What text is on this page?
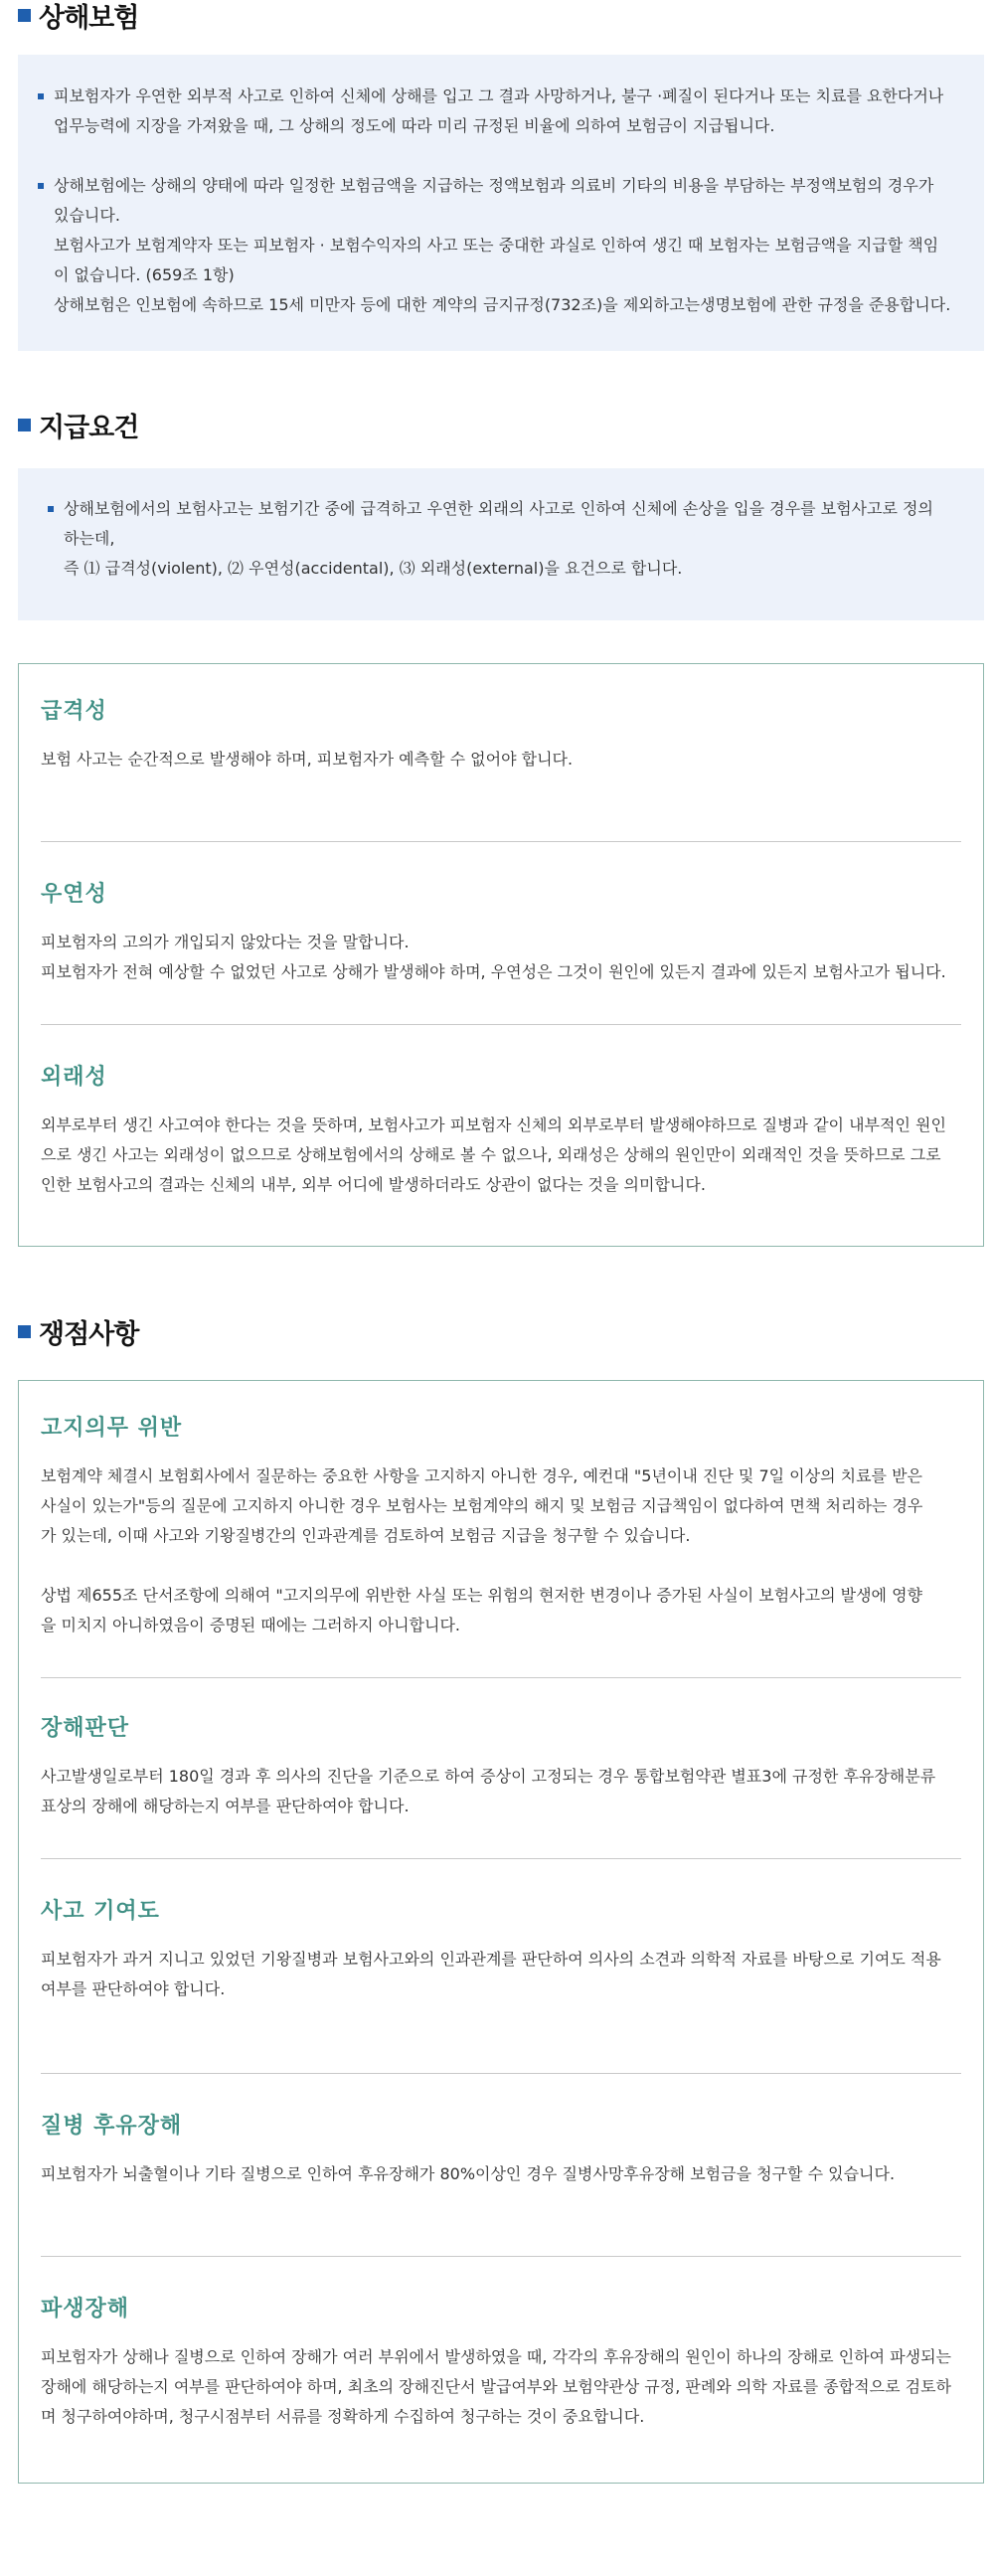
상해보험
피보험자가 우연한 외부적 사고로 인하여 신체에 상해를 입고 그 결과 사망하거나, 불구 ·폐질이 된다거나 또는 치료를 요한다거나
업무능력에 지장을 가져왔을 때, 그 상해의 정도에 따라 미리 규정된 비율에 의하여 보험금이 지급됩니다.
상해보험에는 상해의 양태에 따라 일정한 보험금액을 지급하는 정액보험과 의료비 기타의 비용을 부담하는 부정액보험의 경우가
있습니다.
보험사고가 보험계약자 또는 피보험자 · 보험수익자의 사고 또는 중대한 과실로 인하여 생긴 때 보험자는 보험금액을 지급할 책임
이 없습니다. (659조 1항)
상해보험은 인보험에 속하므로 15세 미만자 등에 대한 계약의 금지규정(732조)을 제외하고는생명보험에 관한 규정을 준용합니다.
지급요건
상해보험에서의 보험사고는 보험기간 중에 급격하고 우연한 외래의 사고로 인하여 신체에 손상을 입을 경우를 보험사고로 정의
하는데,
즉 ⑴ 급격성(violent), ⑵ 우연성(accidental), ⑶ 외래성(external)을 요건으로 합니다.
급격성
보험 사고는 순간적으로 발생해야 하며, 피보험자가 예측할 수 없어야 합니다.
우연성
피보험자의 고의가 개입되지 않았다는 것을 말합니다.
피보험자가 전혀 예상할 수 없었던 사고로 상해가 발생해야 하며, 우연성은 그것이 원인에 있든지 결과에 있든지 보험사고가 됩니다.
외래성
외부로부터 생긴 사고여야 한다는 것을 뜻하며, 보험사고가 피보험자 신체의 외부로부터 발생해야하므로 질병과 같이 내부적인 원인
으로 생긴 사고는 외래성이 없으므로 상해보험에서의 상해로 볼 수 없으나, 외래성은 상해의 원인만이 외래적인 것을 뜻하므로 그로
인한 보험사고의 결과는 신체의 내부, 외부 어디에 발생하더라도 상관이 없다는 것을 의미합니다.
쟁점사항
고지의무 위반
보험계약 체결시 보험회사에서 질문하는 중요한 사항을 고지하지 아니한 경우, 예컨대 "5년이내 진단 및 7일 이상의 치료를 받은
사실이 있는가"등의 질문에 고지하지 아니한 경우 보험사는 보험계약의 해지 및 보험금 지급책임이 없다하여 면책 처리하는 경우
가 있는데, 이때 사고와 기왕질병간의 인과관계를 검토하여 보험금 지급을 청구할 수 있습니다.
상법 제655조 단서조항에 의해여 "고지의무에 위반한 사실 또는 위험의 현저한 변경이나 증가된 사실이 보험사고의 발생에 영향
을 미치지 아니하였음이 증명된 때에는 그러하지 아니합니다.
장해판단
사고발생일로부터 180일 경과 후 의사의 진단을 기준으로 하여 증상이 고정되는 경우 통합보험약관 별표3에 규정한 후유장해분류
표상의 장해에 해당하는지 여부를 판단하여야 합니다.
사고 기여도
피보험자가 과거 지니고 있었던 기왕질병과 보험사고와의 인과관계를 판단하여 의사의 소견과 의학적 자료를 바탕으로 기여도 적용
여부를 판단하여야 합니다.
질병 후유장해
피보험자가 뇌출혈이나 기타 질병으로 인하여 후유장해가 80%이상인 경우 질병사망후유장해 보험금을 청구할 수 있습니다.
파생장해
피보험자가 상해나 질병으로 인하여 장해가 여러 부위에서 발생하였을 때, 각각의 후유장해의 원인이 하나의 장해로 인하여 파생되는
장해에 해당하는지 여부를 판단하여야 하며, 최초의 장해진단서 발급여부와 보험약관상 규정, 판례와 의학 자료를 종합적으로 검토하
며 청구하여야하며, 청구시점부터 서류를 정확하게 수집하여 청구하는 것이 중요합니다.
